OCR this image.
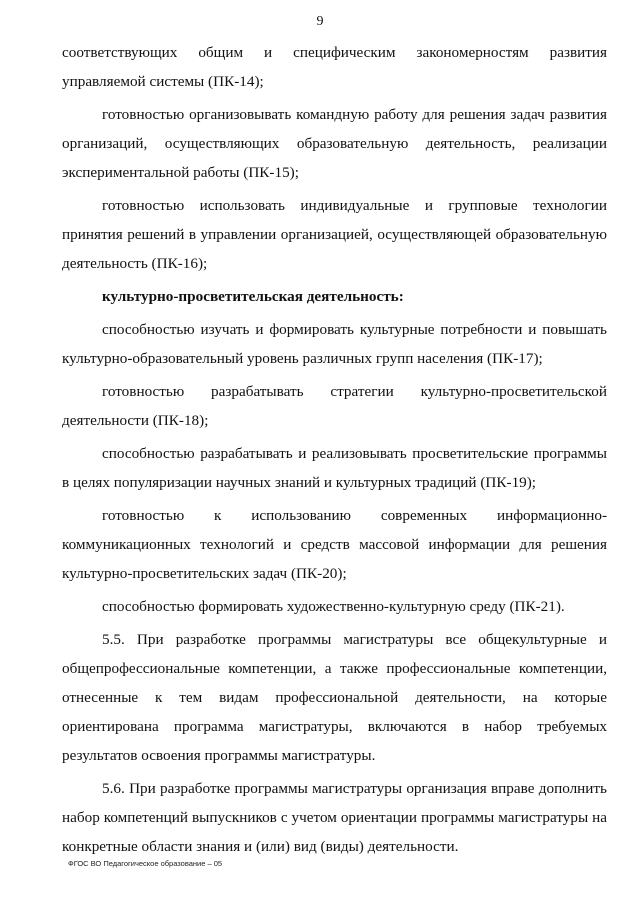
9

соответствующих общим и специфическим закономерностям развития управляемой системы (ПК-14);

готовностью организовывать командную работу для решения задач развития организаций, осуществляющих образовательную деятельность, реализации экспериментальной работы (ПК-15);

готовностью использовать индивидуальные и групповые технологии принятия решений в управлении организацией, осуществляющей образовательную деятельность (ПК-16);

культурно-просветительская деятельность:

способностью изучать и формировать культурные потребности и повышать культурно-образовательный уровень различных групп населения (ПК-17);

готовностью разрабатывать стратегии культурно-просветительской деятельности (ПК-18);

способностью разрабатывать и реализовывать просветительские программы в целях популяризации научных знаний и культурных традиций (ПК-19);

готовностью к использованию современных информационно-коммуникационных технологий и средств массовой информации для решения культурно-просветительских задач (ПК-20);

способностью формировать художественно-культурную среду (ПК-21).

5.5. При разработке программы магистратуры все общекультурные и общепрофессиональные компетенции, а также профессиональные компетенции, отнесенные к тем видам профессиональной деятельности, на которые ориентирована программа магистратуры, включаются в набор требуемых результатов освоения программы магистратуры.

5.6. При разработке программы магистратуры организация вправе дополнить набор компетенций выпускников с учетом ориентации программы магистратуры на конкретные области знания и (или) вид (виды) деятельности.

ФГОС ВО Педагогическое образование – 05
